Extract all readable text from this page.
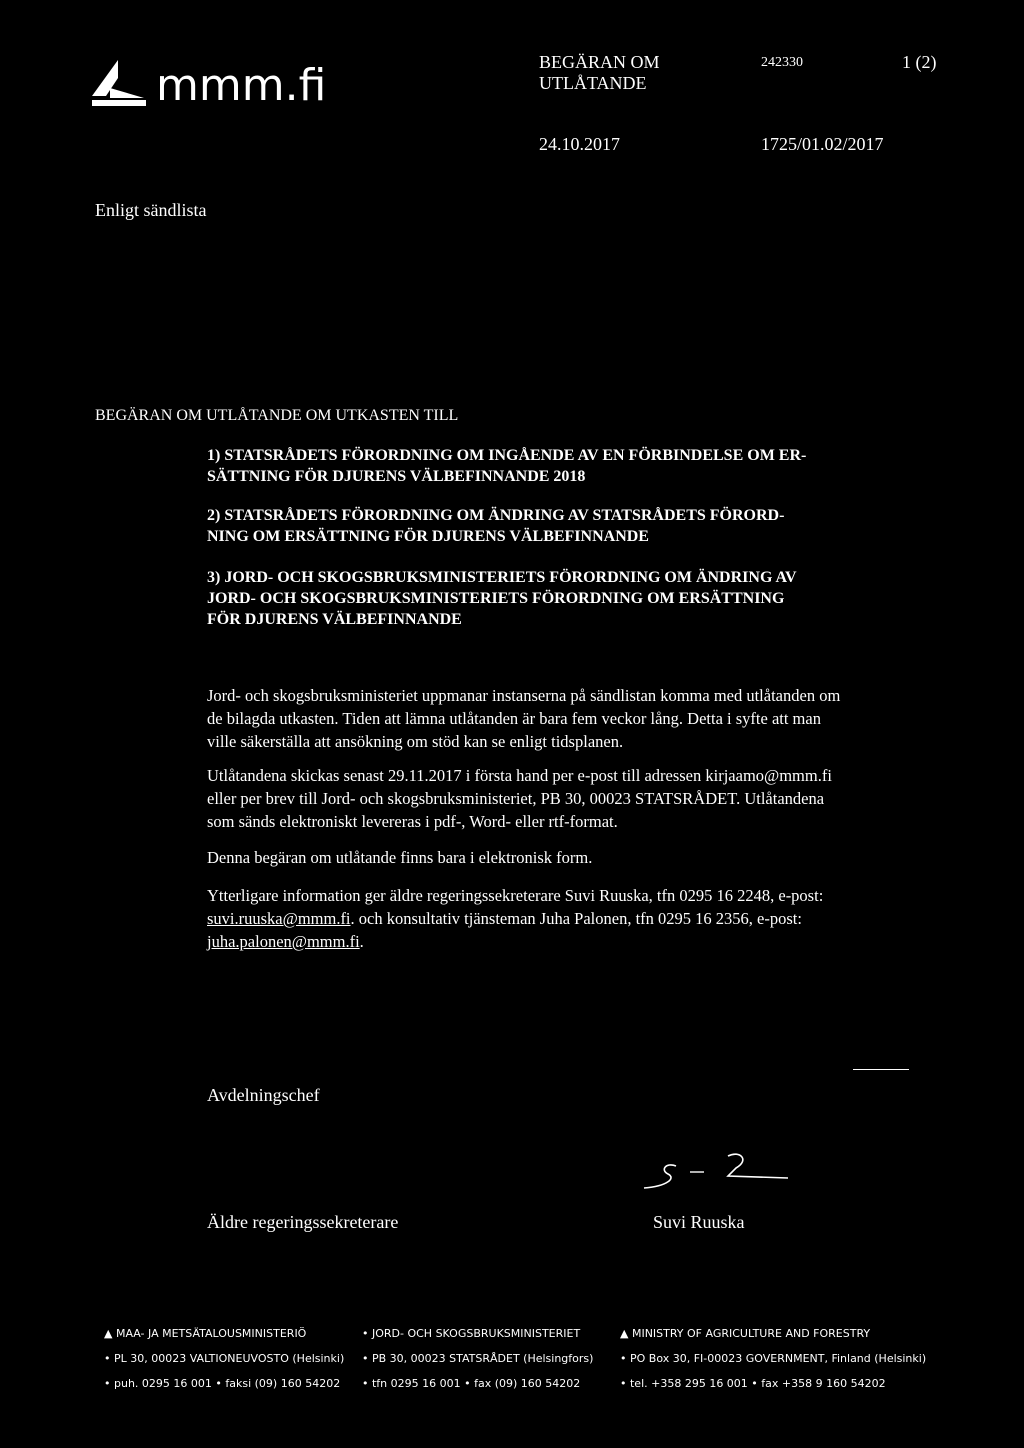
mmm.fi	BEGÄRAN OM
UTLÅTANDE
242330	1 (2)
24.10.2017	1725/01.02/2017
Enligt sändlista
BEGÄRAN OM UTLÅTANDE OM UTKASTEN TILL
1) STATSRÅDETS FÖRORDNING OM INGÅENDE AV EN FÖRBINDELSE OM ER-
SÄTTNING FÖR DJURENS VÄLBEFINNANDE 2018
2) STATSRÅDETS FÖRORDNING OM ÄNDRING AV STATSRÅDETS FÖRORD-
NING OM ERSÄTTNING FÖR DJURENS VÄLBEFINNANDE
3) JORD- OCH SKOGSBRUKSMINISTERIETS FÖRORDNING OM ÄNDRING AV
JORD- OCH SKOGSBRUKSMINISTERIETS FÖRORDNING OM ERSÄTTNING
FÖR DJURENS VÄLBEFINNANDE
Jord- och skogsbruksministeriet uppmanar instanserna på sändlistan komma med utlåtanden om
de bilagda utkasten. Tiden att lämna utlåtanden är bara fem veckor lång. Detta i syfte att man
ville säkerställa att ansökning om stöd kan se enligt tidsplanen.
Utlåtandena skickas senast 29.11.2017 i första hand per e-post till adressen kirjaamo@mmm.fi
eller per brev till Jord- och skogsbruksministeriet, PB 30, 00023 STATSRÅDET. Utlåtandena
som sänds elektroniskt levereras i pdf-, Word- eller rtf-format.
Denna begäran om utlåtande finns bara i elektronisk form.
Ytterligare information ger äldre regeringssekreterare Suvi Ruuska, tfn 0295 16 2248, e-post:
suvi.ruuska@mmm.fi. och konsultativ tjänsteman Juha Palonen, tfn 0295 16 2356, e-post:
juha.palonen@mmm.fi.
Avdelningschef
Äldre regeringssekreterare	Suvi Ruuska
▲ MAA- JA METSÄTALOUSMINISTERIÖ
• PL 30, 00023 VALTIONEUVOSTO (Helsinki)
• puh. 0295 16 001 • faksi (09) 160 54202
• JORD- OCH SKOGSBRUKSMINISTERIET
• PB 30, 00023 STATSRÅDET (Helsingfors)
• tfn 0295 16 001 • fax (09) 160 54202
▲ MINISTRY OF AGRICULTURE AND FORESTRY
• PO Box 30, FI-00023 GOVERNMENT, Finland (Helsinki)
• tel. +358 295 16 001 • fax +358 9 160 54202
